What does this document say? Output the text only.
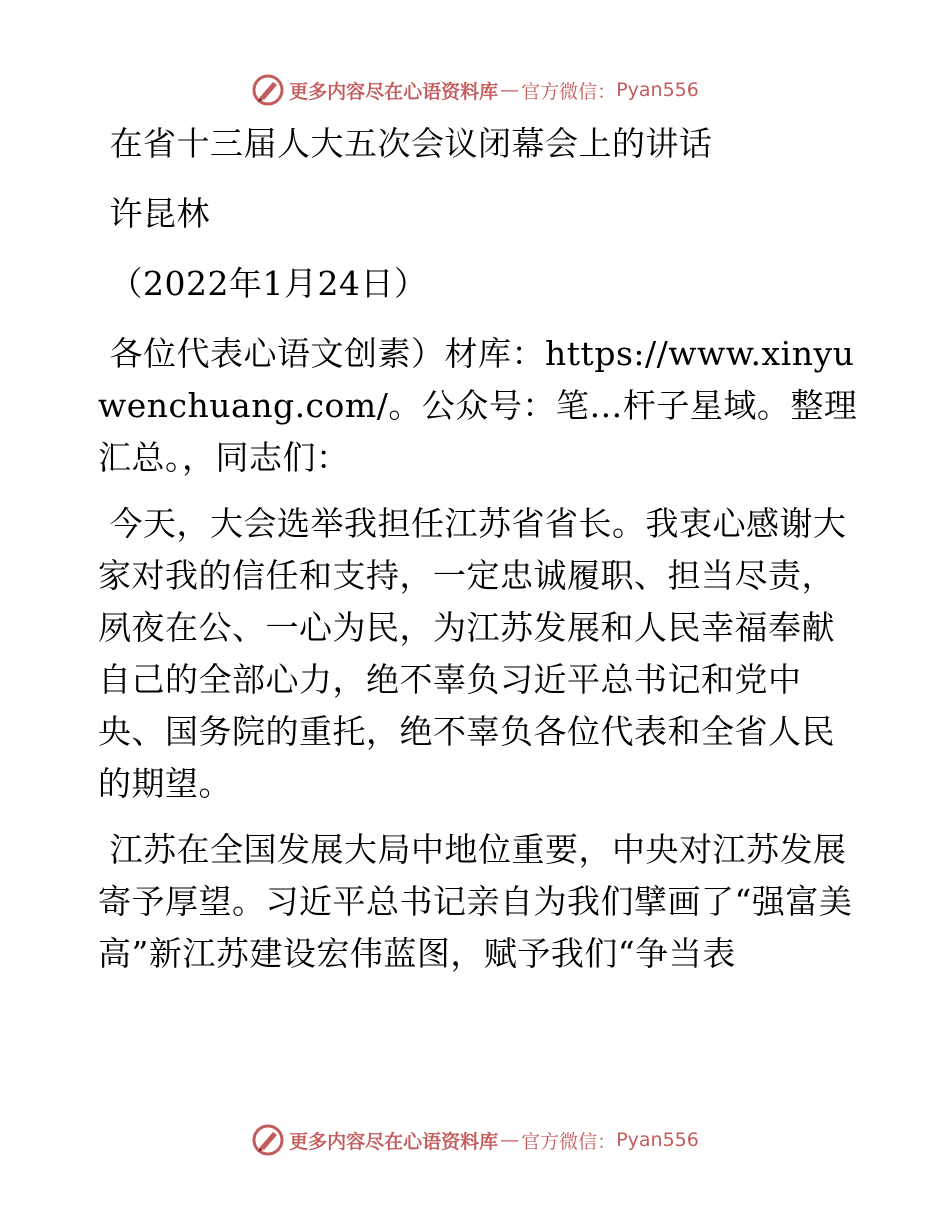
更多内容尽在心语资料库 — 官方微信： Pyan556

在省十三届人大五次会议闭幕会上的讲话

许昆林

（2022年1月24日）

各位代表心语文创素）材库：https://www.xinyuwenchuang.com/。公众号：笔…杆子星域。整理汇总。，同志们：

今天，大会选举我担任江苏省省长。我衷心感谢大家对我的信任和支持，一定忠诚履职、担当尽责，夙夜在公、一心为民，为江苏发展和人民幸福奉献自己的全部心力，绝不辜负习近平总书记和党中央、国务院的重托，绝不辜负各位代表和全省人民的期望。

江苏在全国发展大局中地位重要，中央对江苏发展寄予厚望。习近平总书记亲自为我们擘画了“强富美高”新江苏建设宏伟蓝图，赋予我们“争当表

更多内容尽在心语资料库 — 官方微信： Pyan556
